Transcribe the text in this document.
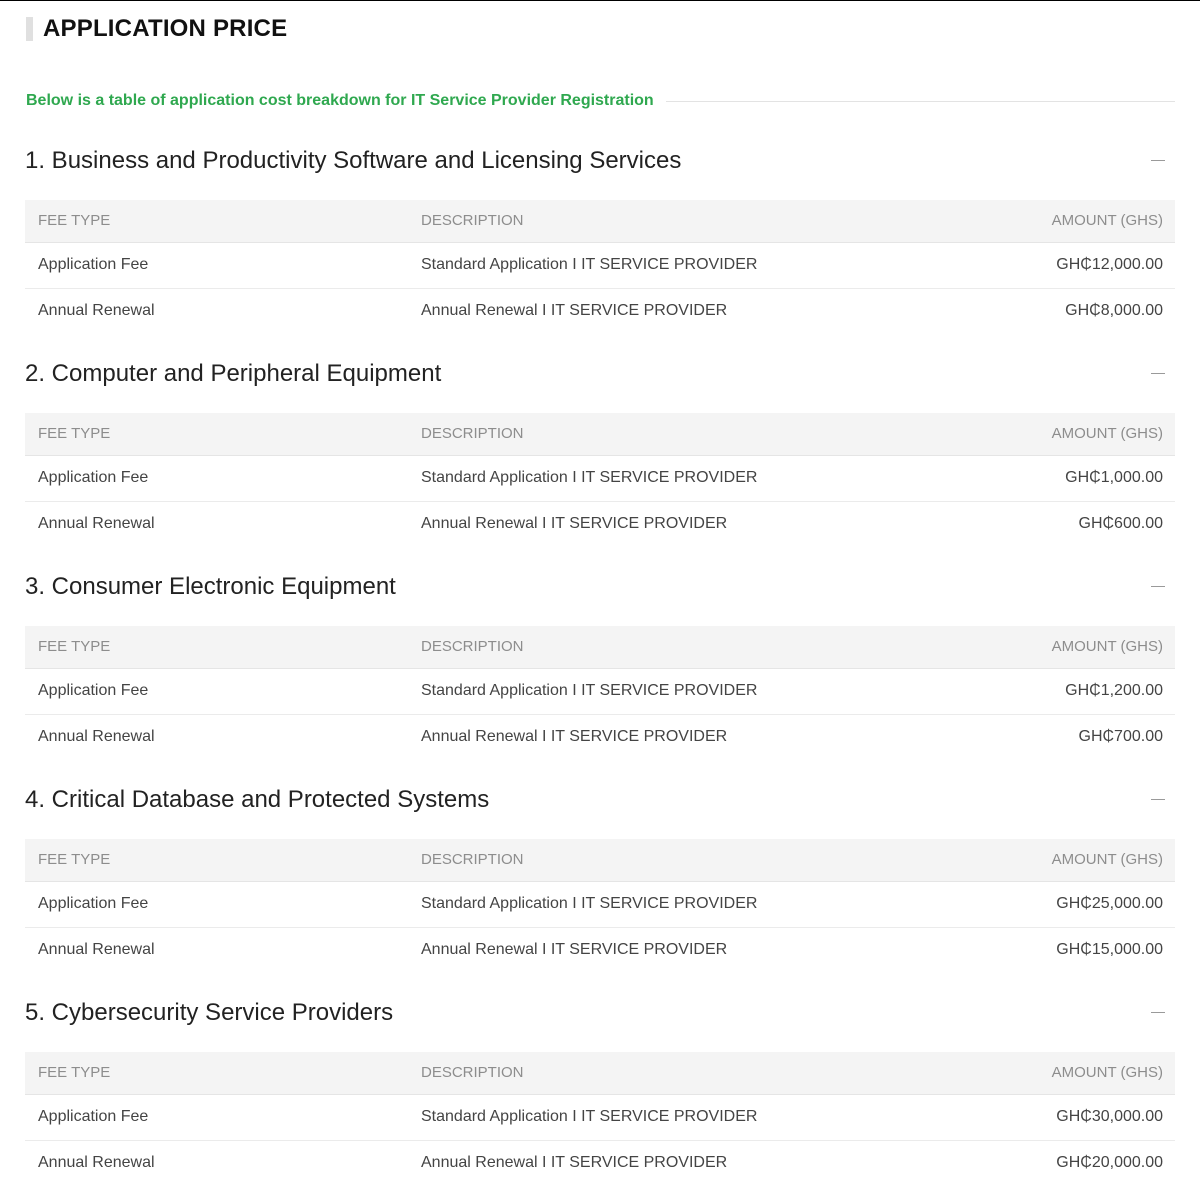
APPLICATION PRICE
Below is a table of application cost breakdown for IT Service Provider Registration
1. Business and Productivity Software and Licensing Services
FEE TYPE	DESCRIPTION	AMOUNT (GHS)
Application Fee	Standard Application I IT SERVICE PROVIDER	GH₵12,000.00
Annual Renewal	Annual Renewal I IT SERVICE PROVIDER	GH₵8,000.00
2. Computer and Peripheral Equipment
FEE TYPE	DESCRIPTION	AMOUNT (GHS)
Application Fee	Standard Application I IT SERVICE PROVIDER	GH₵1,000.00
Annual Renewal	Annual Renewal I IT SERVICE PROVIDER	GH₵600.00
3. Consumer Electronic Equipment
FEE TYPE	DESCRIPTION	AMOUNT (GHS)
Application Fee	Standard Application I IT SERVICE PROVIDER	GH₵1,200.00
Annual Renewal	Annual Renewal I IT SERVICE PROVIDER	GH₵700.00
4. Critical Database and Protected Systems
FEE TYPE	DESCRIPTION	AMOUNT (GHS)
Application Fee	Standard Application I IT SERVICE PROVIDER	GH₵25,000.00
Annual Renewal	Annual Renewal I IT SERVICE PROVIDER	GH₵15,000.00
5. Cybersecurity Service Providers
FEE TYPE	DESCRIPTION	AMOUNT (GHS)
Application Fee	Standard Application I IT SERVICE PROVIDER	GH₵30,000.00
Annual Renewal	Annual Renewal I IT SERVICE PROVIDER	GH₵20,000.00
